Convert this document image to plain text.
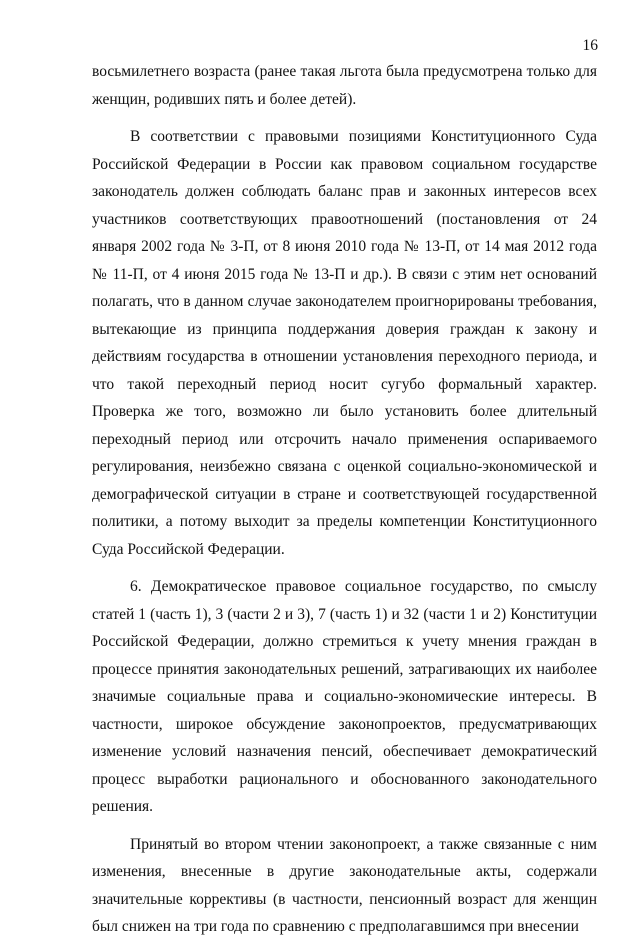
16

восьмилетнего возраста (ранее такая льгота была предусмотрена только для женщин, родивших пять и более детей).

В соответствии с правовыми позициями Конституционного Суда Российской Федерации в России как правовом социальном государстве законодатель должен соблюдать баланс прав и законных интересов всех участников соответствующих правоотношений (постановления от 24 января 2002 года № 3-П, от 8 июня 2010 года № 13-П, от 14 мая 2012 года № 11-П, от 4 июня 2015 года № 13-П и др.). В связи с этим нет оснований полагать, что в данном случае законодателем проигнорированы требования, вытекающие из принципа поддержания доверия граждан к закону и действиям государства в отношении установления переходного периода, и что такой переходный период носит сугубо формальный характер. Проверка же того, возможно ли было установить более длительный переходный период или отсрочить начало применения оспариваемого регулирования, неизбежно связана с оценкой социально-экономической и демографической ситуации в стране и соответствующей государственной политики, а потому выходит за пределы компетенции Конституционного Суда Российской Федерации.

6. Демократическое правовое социальное государство, по смыслу статей 1 (часть 1), 3 (части 2 и 3), 7 (часть 1) и 32 (части 1 и 2) Конституции Российской Федерации, должно стремиться к учету мнения граждан в процессе принятия законодательных решений, затрагивающих их наиболее значимые социальные права и социально-экономические интересы. В частности, широкое обсуждение законопроектов, предусматривающих изменение условий назначения пенсий, обеспечивает демократический процесс выработки рационального и обоснованного законодательного решения.

Принятый во втором чтении законопроект, а также связанные с ним изменения, внесенные в другие законодательные акты, содержали значительные коррективы (в частности, пенсионный возраст для женщин был снижен на три года по сравнению с предполагавшимся при внесении
